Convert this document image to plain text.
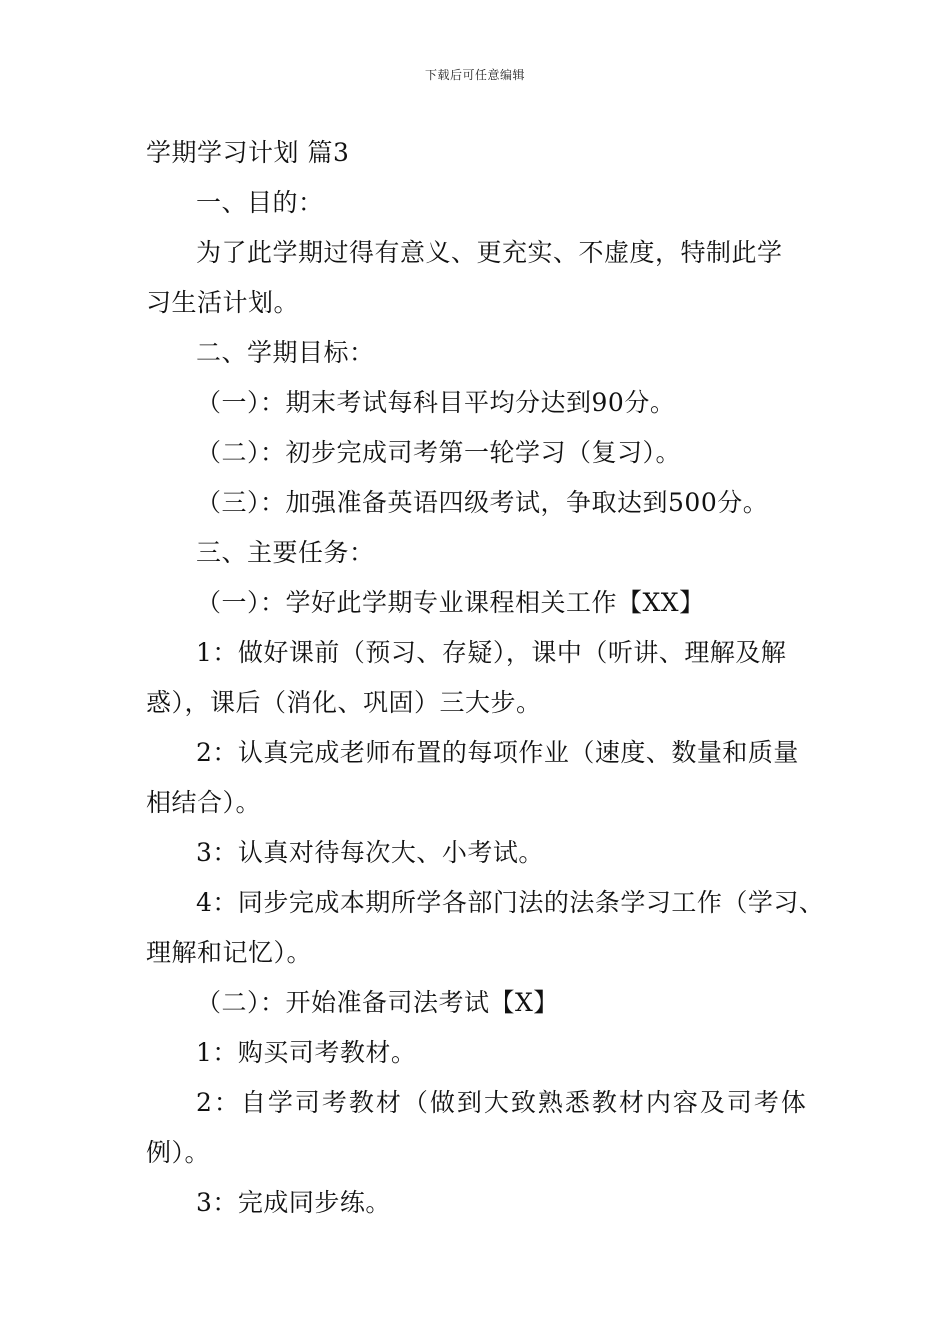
下载后可任意编辑
学期学习计划 篇3
一、目的：
为了此学期过得有意义、更充实、不虚度，特制此学
习生活计划。
二、学期目标：
（一）：期末考试每科目平均分达到90分。
（二）：初步完成司考第一轮学习（复习）。
（三）：加强准备英语四级考试，争取达到500分。
三、主要任务：
（一）：学好此学期专业课程相关工作【XX】
1：做好课前（预习、存疑），课中（听讲、理解及解
惑），课后（消化、巩固）三大步。
2：认真完成老师布置的每项作业（速度、数量和质量
相结合）。
3：认真对待每次大、小考试。
4：同步完成本期所学各部门法的法条学习工作（学习、
理解和记忆）。
（二）：开始准备司法考试【X】
1：购买司考教材。
2：自学司考教材（做到大致熟悉教材内容及司考体
例）。
3：完成同步练。
